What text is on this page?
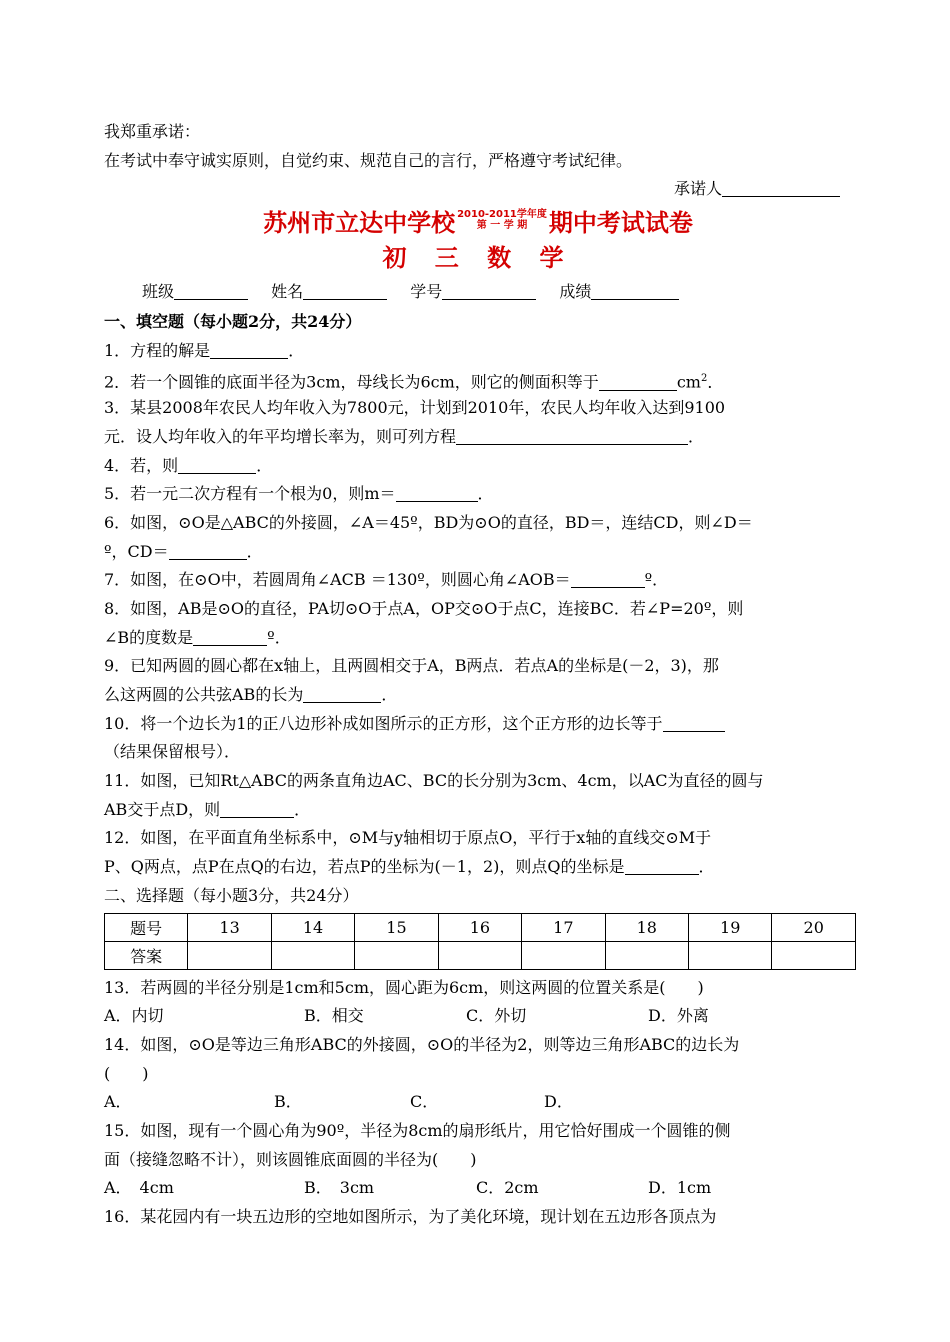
我郑重承诺：
在考试中奉守诚实原则，自觉约束、规范自己的言行，严格遵守考试纪律。
承诺人
苏州市立达中学校 2010-2011学年度
第 一 学 期 期中考试试卷
初 三 数 学
班级	姓名	学号	成绩
一、填空题（每小题2分，共24分）
1．方程的解是	．
2．若一个圆锥的底面半径为3cm，母线长为6cm，则它的侧面积等于	$cm^2$．
3．某县2008年农民人均年收入为7800元，计划到2010年，农民人均年收入达到9100
元．设人均年收入的年平均增长率为，则可列方程	．
4．若，则	．
5．若一元二次方程有一个根为0，则m＝	．
6．如图，⊙O是△ABC的外接圆，∠A＝45º，BD为⊙O的直径，BD＝，连结CD，则∠D＝
º，CD＝	．
7．如图，在⊙O中，若圆周角∠ACB ＝130º，则圆心角∠AOB＝	º．
8．如图，AB是⊙O的直径，PA切⊙O于点A，OP交⊙O于点C，连接BC．若∠P=20º，则
∠B的度数是	º．
9．已知两圆的圆心都在x轴上，且两圆相交于A，B两点．若点A的坐标是(－2，3)，那
么这两圆的公共弦AB的长为	．
10．将一个边长为1的正八边形补成如图所示的正方形，这个正方形的边长等于
（结果保留根号）．
11．如图，已知Rt△ABC的两条直角边AC、BC的长分别为3cm、4cm，以AC为直径的圆与
AB交于点D，则	．
12．如图，在平面直角坐标系中，⊙M与y轴相切于原点O，平行于x轴的直线交⊙M于
P、Q两点，点P在点Q的右边，若点P的坐标为(－1，2)，则点Q的坐标是	．
二、选择题（每小题3分，共24分）
题号	13	14	15	16	17	18	19	20
答案								
13．若两圆的半径分别是1cm和5cm，圆心距为6cm，则这两圆的位置关系是(　　)
A．内切	B．相交	C．外切	D．外离
14．如图，⊙O是等边三角形ABC的外接圆，⊙O的半径为2，则等边三角形ABC的边长为
(　　)
A．	B．	C．	D．
15．如图，现有一个圆心角为90º，半径为8cm的扇形纸片，用它恰好围成一个圆锥的侧
面（接缝忽略不计），则该圆锥底面圆的半径为(　　)
A．　4cm	B．　3cm	C．2cm	D．1cm
16．某花园内有一块五边形的空地如图所示，为了美化环境，现计划在五边形各顶点为
